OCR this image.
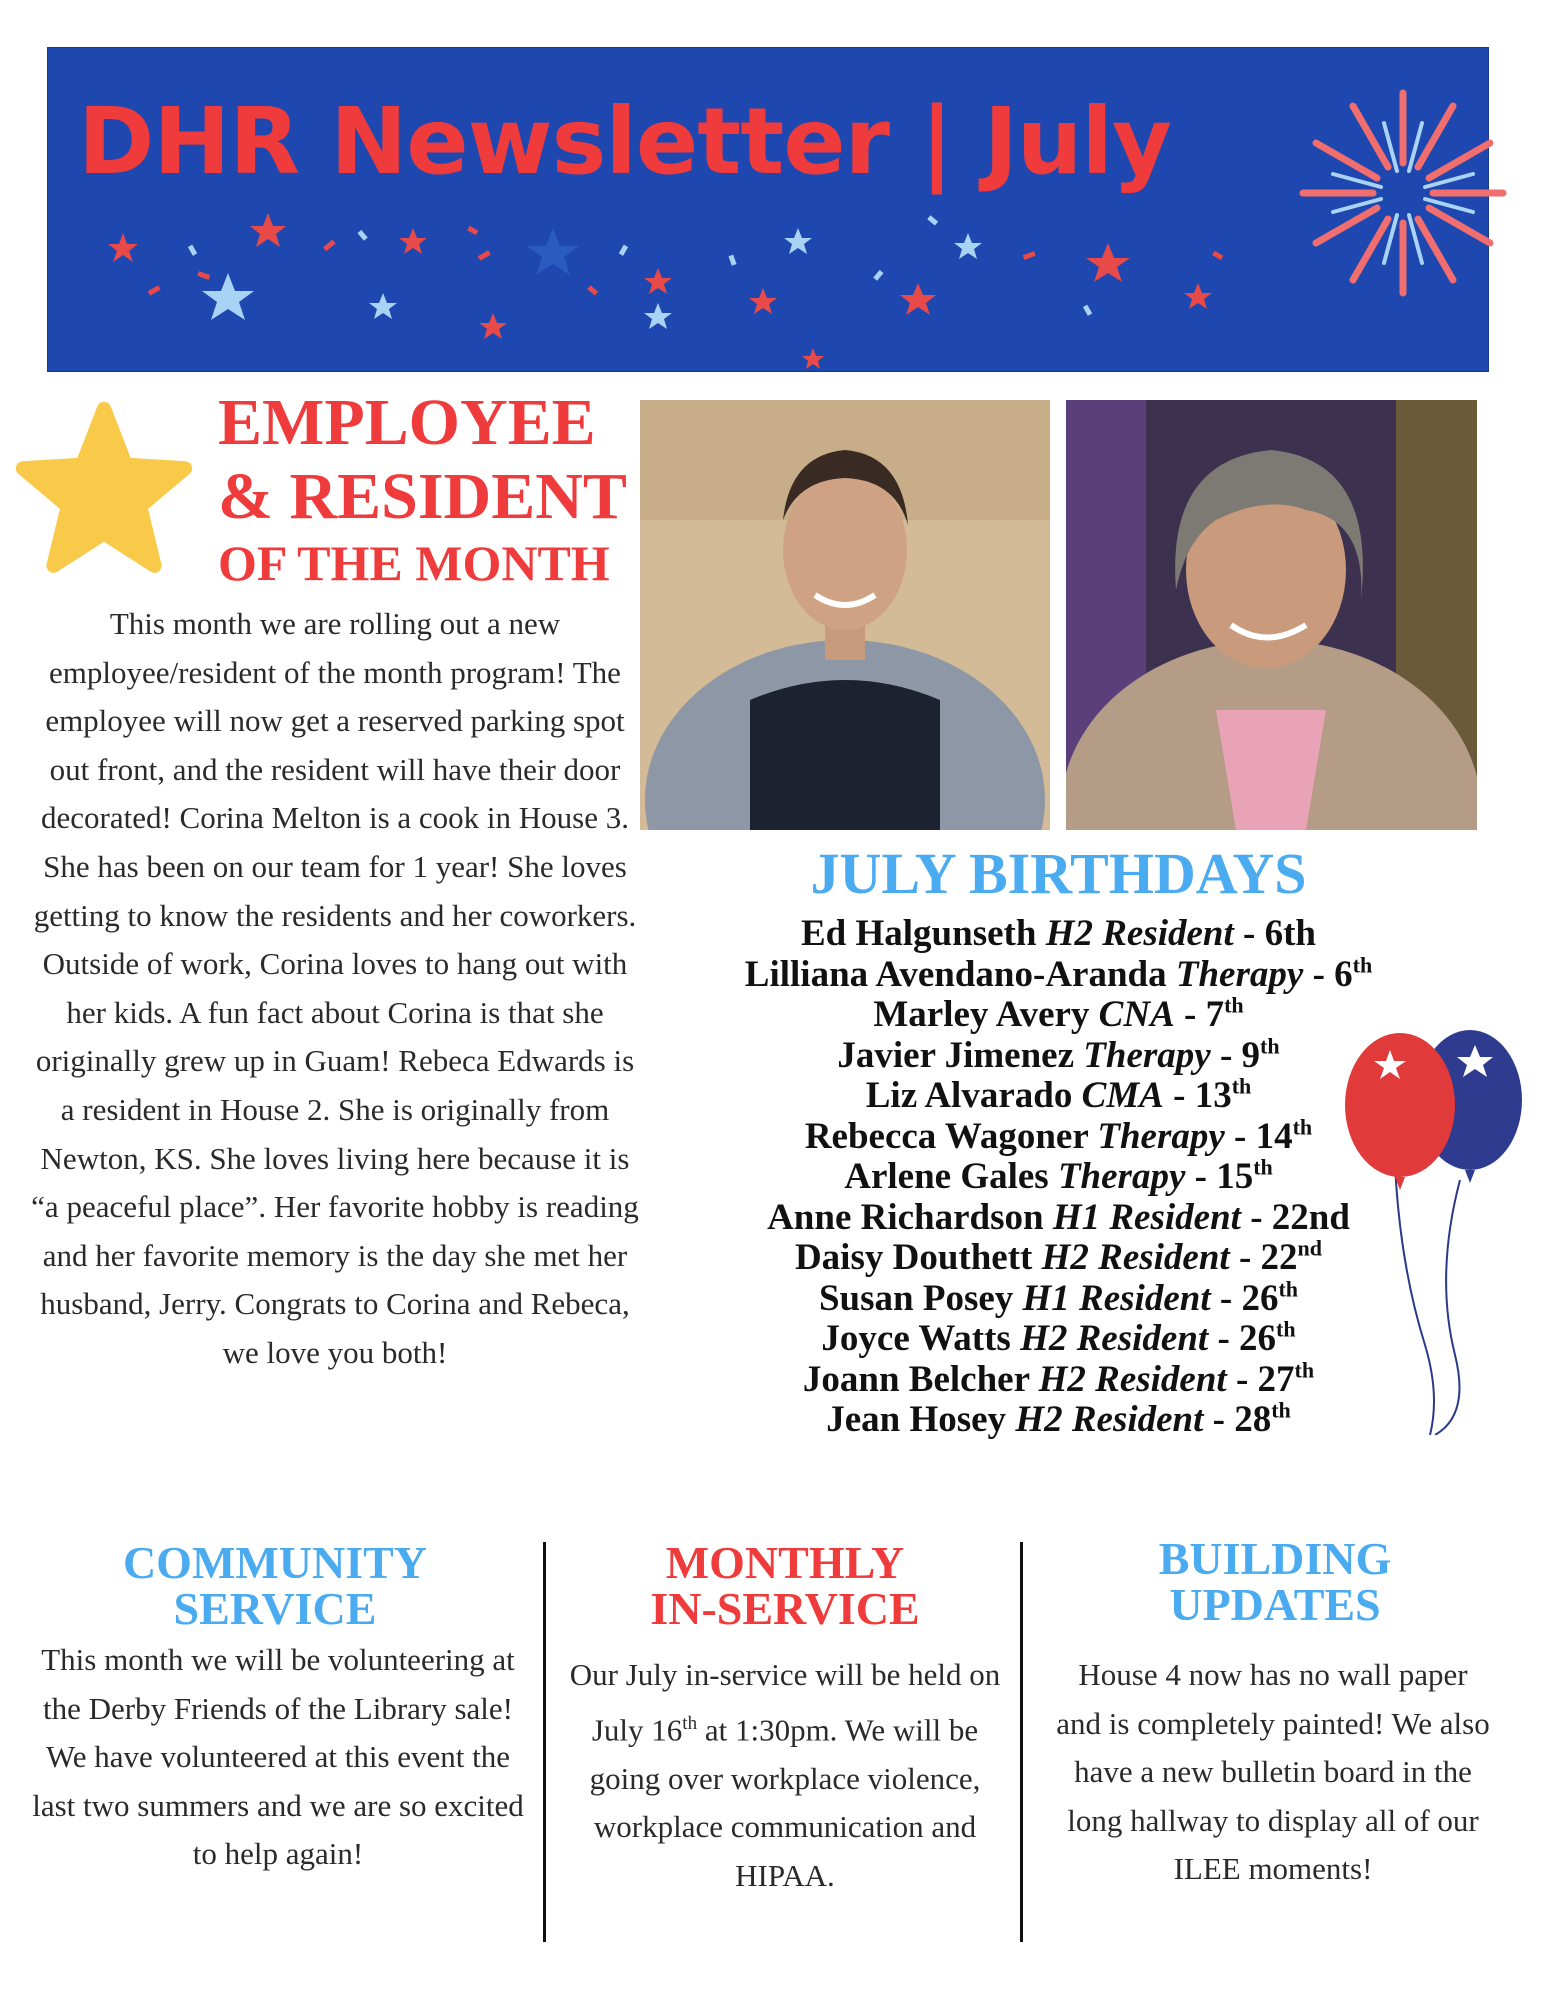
DHR Newsletter | July
EMPLOYEE
& RESIDENT
OF THE MONTH
This month we are rolling out a new employee/resident of the month program! The employee will now get a reserved parking spot out front, and the resident will have their door decorated! Corina Melton is a cook in House 3. She has been on our team for 1 year! She loves getting to know the residents and her coworkers. Outside of work, Corina loves to hang out with her kids. A fun fact about Corina is that she originally grew up in Guam! Rebeca Edwards is a resident in House 2. She is originally from Newton, KS. She loves living here because it is “a peaceful place”. Her favorite hobby is reading and her favorite memory is the day she met her husband, Jerry. Congrats to Corina and Rebeca, we love you both!
JULY BIRTHDAYS
Ed Halgunseth H2 Resident - 6th
Lilliana Avendano-Aranda Therapy - 6th
Marley Avery CNA - 7th
Javier Jimenez Therapy - 9th
Liz Alvarado CMA - 13th
Rebecca Wagoner Therapy - 14th
Arlene Gales Therapy - 15th
Anne Richardson H1 Resident - 22nd
Daisy Douthett H2 Resident - 22nd
Susan Posey H1 Resident - 26th
Joyce Watts H2 Resident - 26th
Joann Belcher H2 Resident - 27th
Jean Hosey H2 Resident - 28th
COMMUNITY
SERVICE
This month we will be volunteering at the Derby Friends of the Library sale! We have volunteered at this event the last two summers and we are so excited to help again!
MONTHLY
IN-SERVICE
Our July in-service will be held on July 16th at 1:30pm. We will be going over workplace violence, workplace communication and HIPAA.
BUILDING
UPDATES
House 4 now has no wall paper and is completely painted! We also have a new bulletin board in the long hallway to display all of our ILEE moments!
